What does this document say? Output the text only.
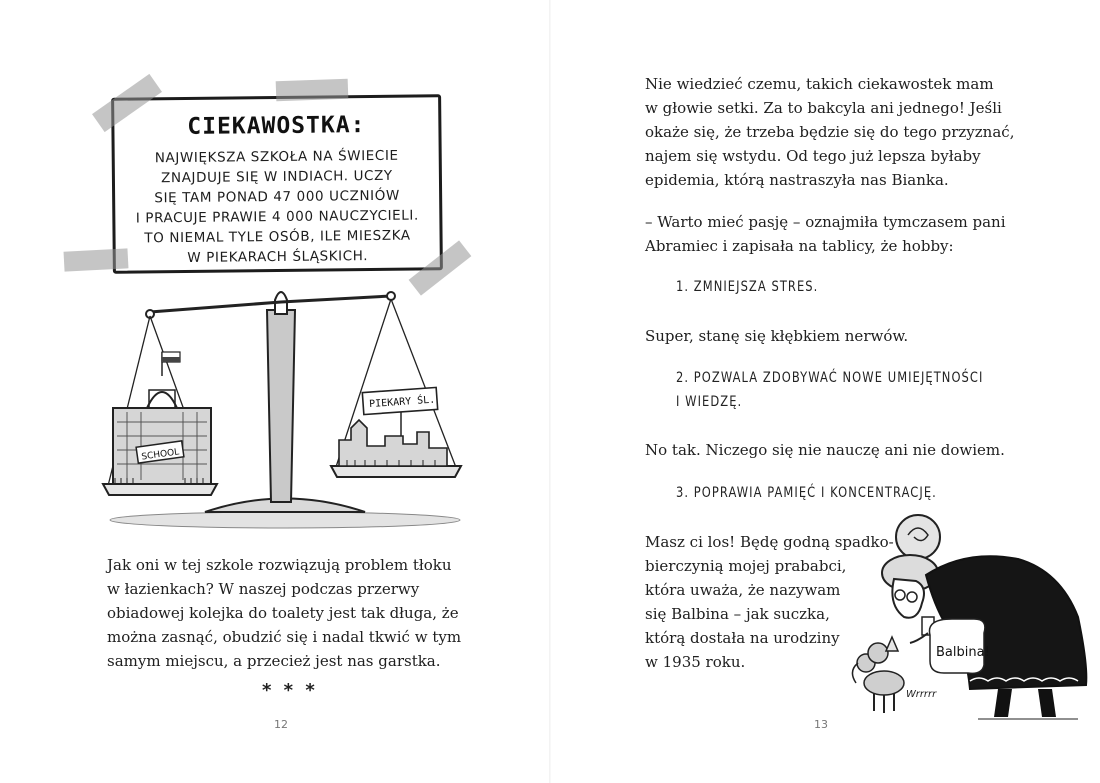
CIEKAWOSTKA:
NAJWIĘKSZA SZKOŁA NA ŚWIECIE
ZNAJDUJE SIĘ W INDIACH. UCZY
SIĘ TAM PONAD 47 000 UCZNIÓW
I PRACUJE PRAWIE 4 000 NAUCZYCIELI.
TO NIEMAL TYLE OSÓB, ILE MIESZKA
W PIEKARACH ŚLĄSKICH.
SCHOOL
PIEKARY ŚL.
Jak oni w tej szkole rozwiązują problem tłoku
w łazienkach? W naszej podczas przerwy
obiadowej kolejka do toalety jest tak długa, że
można zasnąć, obudzić się i nadal tkwić w tym
samym miejscu, a przecież jest nas garstka.
* * *
12
Nie wiedzieć czemu, takich ciekawostek mam
w głowie setki. Za to bakcyla ani jednego! Jeśli
okaże się, że trzeba będzie się do tego przyznać,
najem się wstydu. Od tego już lepsza byłaby
epidemia, którą nastraszyła nas Bianka.
– Warto mieć pasję – oznajmiła tymczasem pani
Abramiec i zapisała na tablicy, że hobby:
1. ZMNIEJSZA STRES.
Super, stanę się kłębkiem nerwów.
2. POZWALA ZDOBYWAĆ NOWE UMIEJĘTNOŚCI
I WIEDZĘ.
No tak. Niczego się nie nauczę ani nie dowiem.
3. POPRAWIA PAMIĘĆ I KONCENTRACJĘ.
Masz ci los! Będę godną spadko-
bierczynią mojej prababci,
która uważa, że nazywam
się Balbina – jak suczka,
którą dostała na urodziny
w 1935 roku.
Balbina!
Wrrrrr
13
